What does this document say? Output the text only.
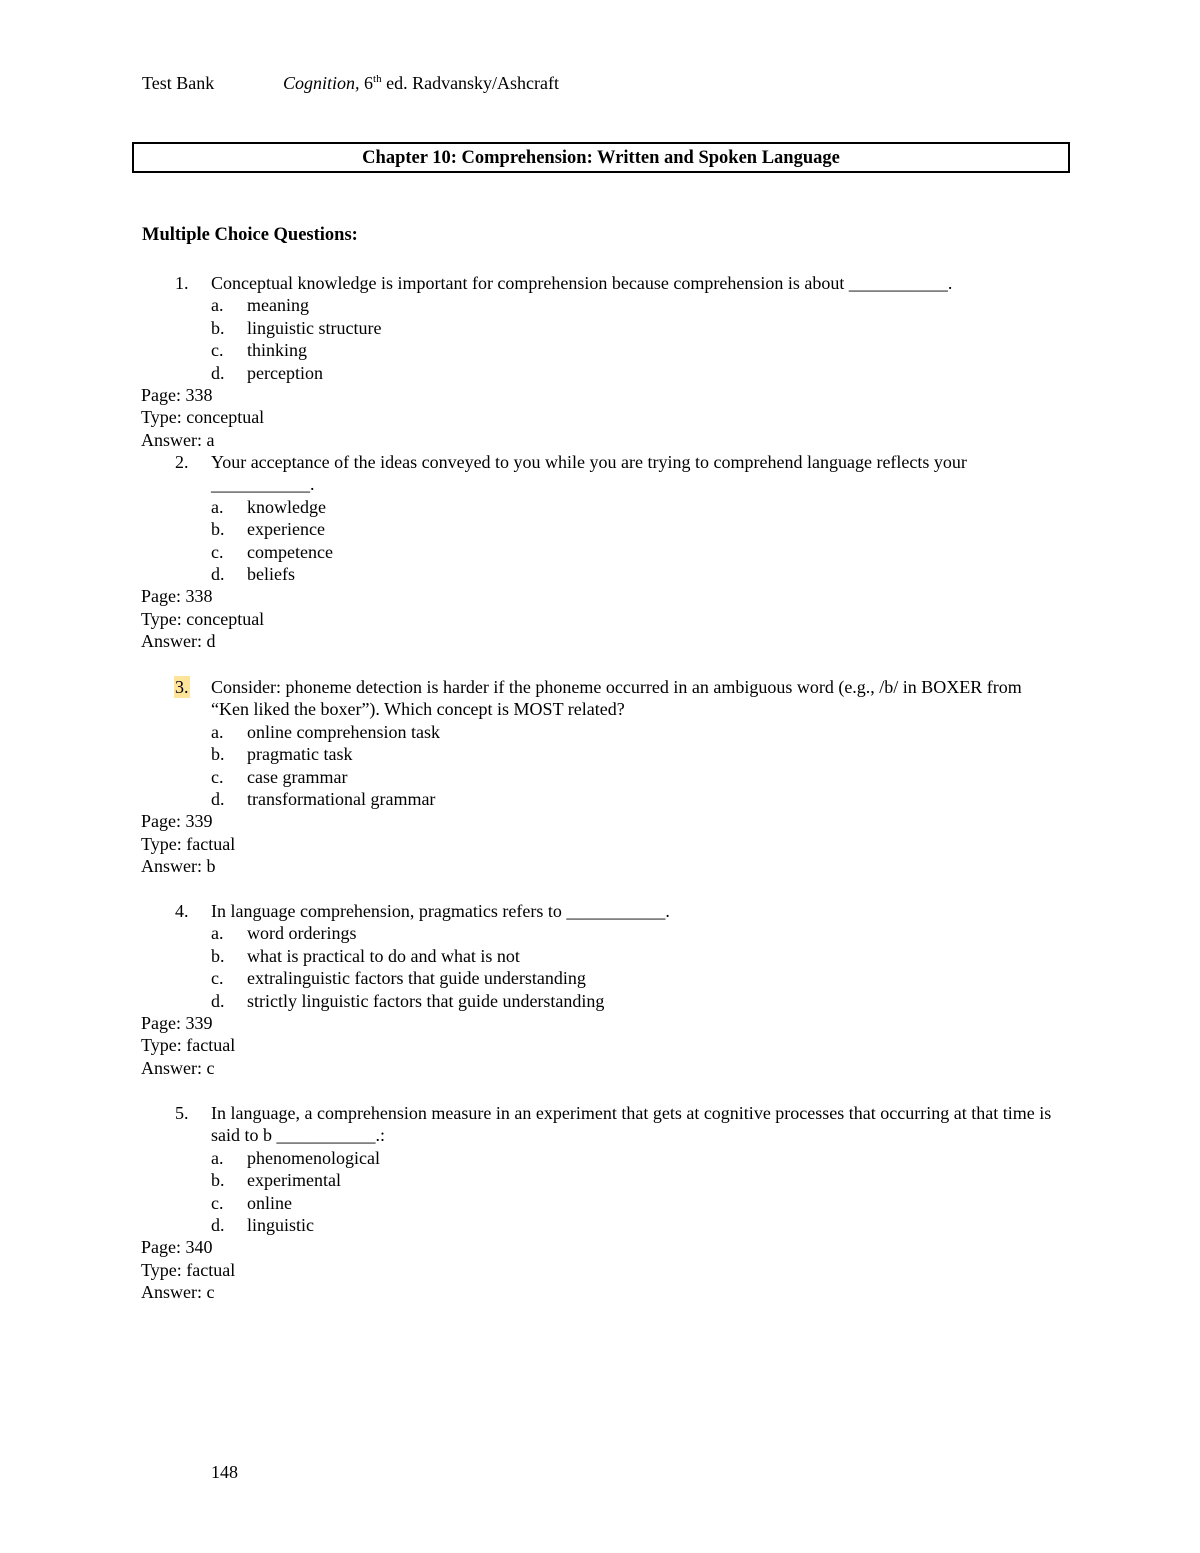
Test Bank	Cognition, 6th ed. Radvansky/Ashcraft
Chapter 10: Comprehension: Written and Spoken Language
Multiple Choice Questions:
1. Conceptual knowledge is important for comprehension because comprehension is about ___________.
a. meaning
b. linguistic structure
c. thinking
d. perception
Page: 338
Type: conceptual
Answer: a
2. Your acceptance of the ideas conveyed to you while you are trying to comprehend language reflects your ___________.
a. knowledge
b. experience
c. competence
d. beliefs
Page: 338
Type: conceptual
Answer: d
3. Consider: phoneme detection is harder if the phoneme occurred in an ambiguous word (e.g., /b/ in BOXER from “Ken liked the boxer”). Which concept is MOST related?
a. online comprehension task
b. pragmatic task
c. case grammar
d. transformational grammar
Page: 339
Type: factual
Answer: b
4. In language comprehension, pragmatics refers to ___________.
a. word orderings
b. what is practical to do and what is not
c. extralinguistic factors that guide understanding
d. strictly linguistic factors that guide understanding
Page: 339
Type: factual
Answer: c
5. In language, a comprehension measure in an experiment that gets at cognitive processes that occurring at that time is said to b ___________.:
a. phenomenological
b. experimental
c. online
d. linguistic
Page: 340
Type: factual
Answer: c
148
